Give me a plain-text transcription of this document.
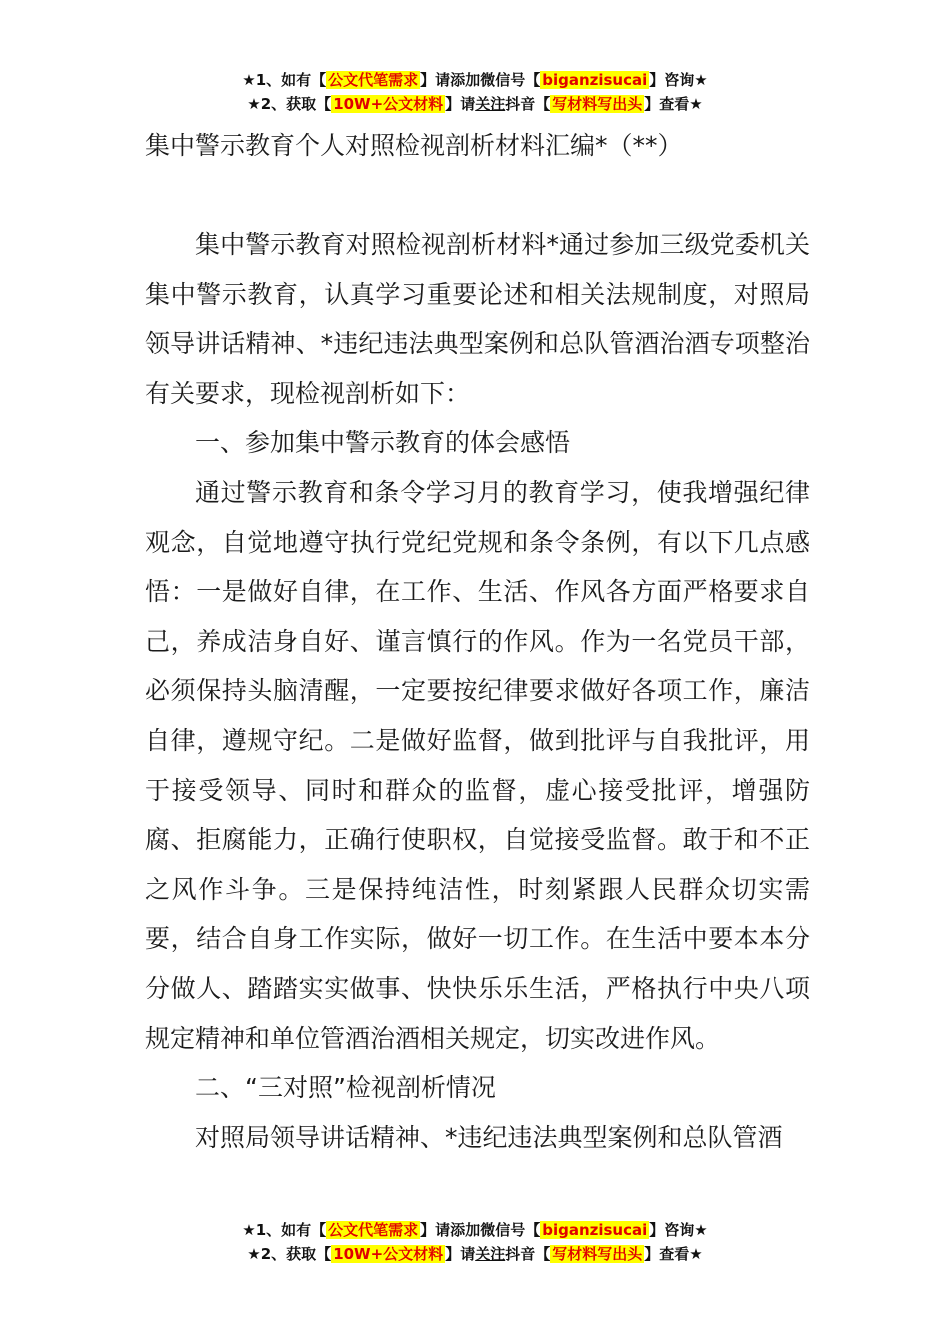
★1、如有【 公文代笔需求 】请添加微信号【 biganzisucai 】咨询★
★2、获取【 10W+公文材料 】请关注抖音【 写材料写出头 】查看★
集中警示教育个人对照检视剖析材料汇编*（**）

集中警示教育对照检视剖析材料*通过参加三级党委机关集中警示教育，认真学习重要论述和相关法规制度，对照局领导讲话精神、*违纪违法典型案例和总队管酒治酒专项整治有关要求，现检视剖析如下：

一、参加集中警示教育的体会感悟

通过警示教育和条令学习月的教育学习，使我增强纪律观念，自觉地遵守执行党纪党规和条令条例，有以下几点感悟：一是做好自律，在工作、生活、作风各方面严格要求自己，养成洁身自好、谨言慎行的作风。作为一名党员干部，必须保持头脑清醒，一定要按纪律要求做好各项工作，廉洁自律，遵规守纪。二是做好监督，做到批评与自我批评，用于接受领导、同时和群众的监督，虚心接受批评，增强防腐、拒腐能力，正确行使职权，自觉接受监督。敢于和不正之风作斗争。三是保持纯洁性，时刻紧跟人民群众切实需要，结合自身工作实际，做好一切工作。在生活中要本本分分做人、踏踏实实做事、快快乐乐生活，严格执行中央八项规定精神和单位管酒治酒相关规定，切实改进作风。

二、“三对照”检视剖析情况

对照局领导讲话精神、*违纪违法典型案例和总队管酒

★1、如有【 公文代笔需求 】请添加微信号【 biganzisucai 】咨询★
★2、获取【 10W+公文材料 】请关注抖音【 写材料写出头 】查看★
